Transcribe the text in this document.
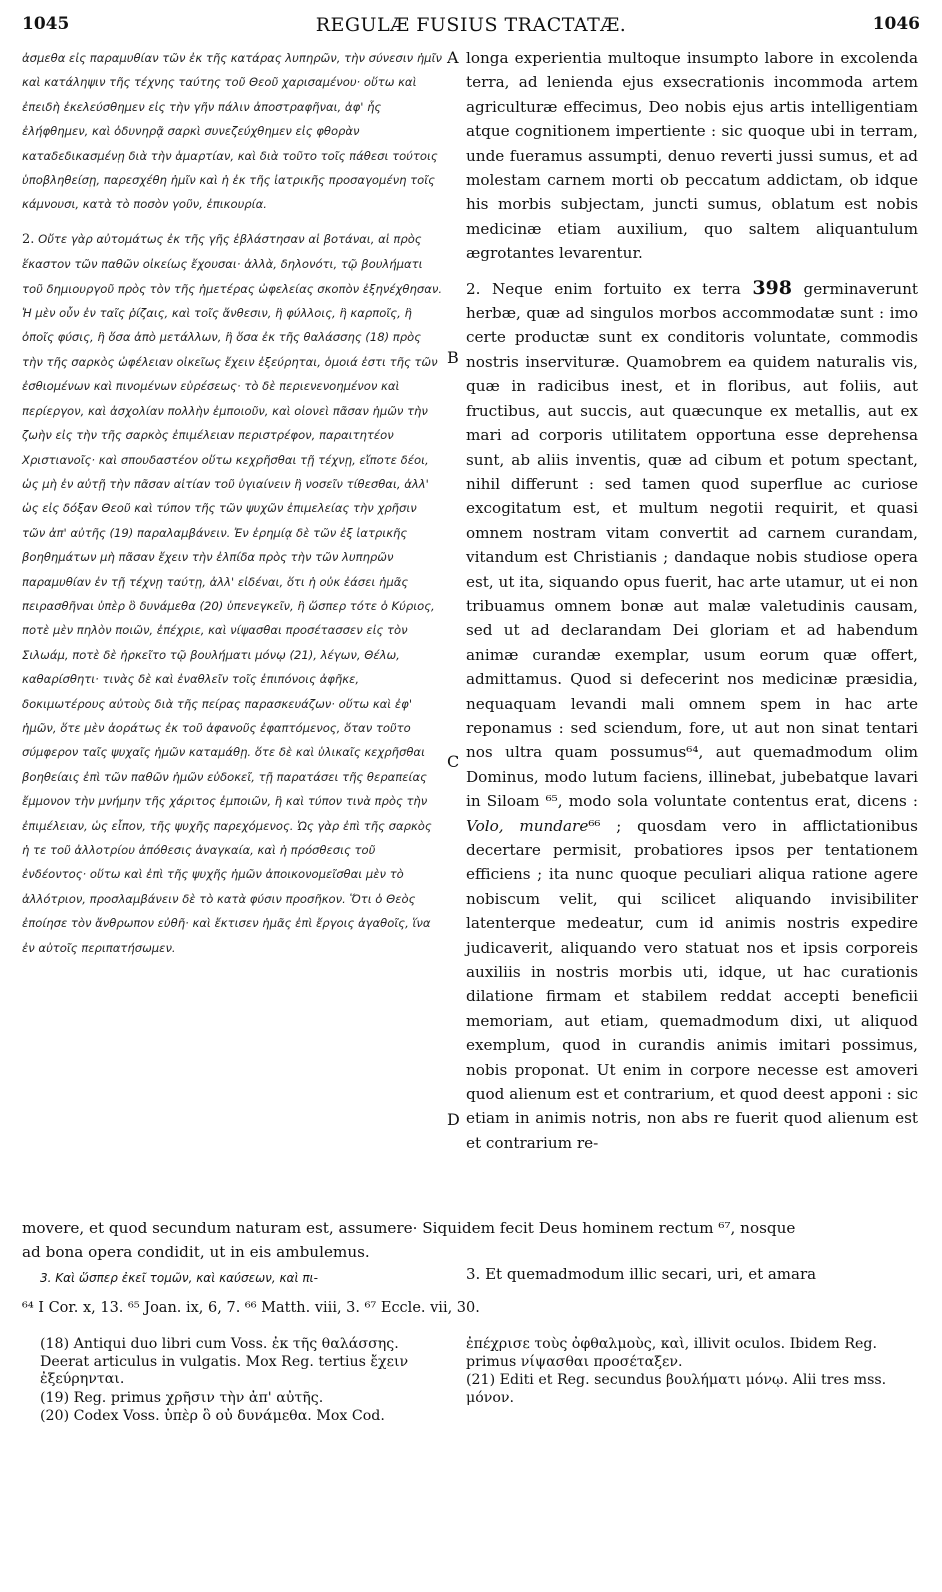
1045	REGULÆ FUSIUS TRACTATÆ.	1046

ἀσμεθα εἰς παραμυθίαν τῶν ἐκ τῆς κατάρας λυπηρῶν, τὴν σύνεσιν ἡμῖν καὶ κατάληψιν τῆς τέχνης ταύτης τοῦ Θεοῦ χαρισαμένου· οὕτω καὶ ἐπειδὴ ἐκελεύσθημεν εἰς τὴν γῆν πάλιν ἀποστραφῆναι, ἀφ' ἧς ἐλήφθημεν, καὶ ὀδυνηρᾷ σαρκὶ συνεζεύχθημεν εἰς φθορὰν καταδεδικασμένῃ διὰ τὴν ἁμαρτίαν, καὶ διὰ τοῦτο τοῖς πάθεσι τούτοις ὑποβληθείσῃ, παρεσχέθη ἡμῖν καὶ ἡ ἐκ τῆς ἰατρικῆς προσαγομένη τοῖς κάμνουσι, κατὰ τὸ ποσὸν γοῦν, ἐπικουρία.

2. Οὔτε γὰρ αὐτομάτως ἐκ τῆς γῆς ἐβλάστησαν αἱ βοτάναι, αἱ πρὸς ἕκαστον τῶν παθῶν οἰκείως ἔχουσαι· ἀλλὰ, δηλονότι, τῷ βουλήματι τοῦ δημιουργοῦ πρὸς τὸν τῆς ἡμετέρας ὠφελείας σκοπὸν ἐξηνέχθησαν. Ἡ μὲν οὖν ἐν ταῖς ῥίζαις, καὶ τοῖς ἄνθεσιν, ἢ φύλλοις, ἢ καρποῖς, ἢ ὀποῖς φύσις, ἢ ὅσα ἀπὸ μετάλλων, ἢ ὅσα ἐκ τῆς θαλάσσης (18) πρὸς τὴν τῆς σαρκὸς ὠφέλειαν οἰκεῖως ἔχειν ἐξεύρηται, ὁμοιά ἐστι τῆς τῶν ἐσθιομένων καὶ πινομένων εὑρέσεως· τὸ δὲ περιενενοημένον καὶ περίεργον, καὶ ἀσχολίαν πολλὴν ἐμποιοῦν, καὶ οἱονεὶ πᾶσαν ἡμῶν τὴν ζωὴν εἰς τὴν τῆς σαρκὸς ἐπιμέλειαν περιστρέφον, παραιτητέον Χριστιανοῖς· καὶ σπουδαστέον οὕτω κεχρῆσθαι τῇ τέχνῃ, εἴποτε δέοι, ὡς μὴ ἐν αὐτῇ τὴν πᾶσαν αἰτίαν τοῦ ὑγιαίνειν ἢ νοσεῖν τίθεσθαι, ἀλλ' ὡς εἰς δόξαν Θεοῦ καὶ τύπον τῆς τῶν ψυχῶν ἐπιμελείας τὴν χρῆσιν τῶν ἀπ' αὐτῆς (19) παραλαμβάνειν. Ἐν ἐρημίᾳ δὲ τῶν ἐξ ἰατρικῆς βοηθημάτων μὴ πᾶσαν ἔχειν τὴν ἐλπίδα πρὸς τὴν τῶν λυπηρῶν παραμυθίαν ἐν τῇ τέχνῃ ταύτῃ, ἀλλ' εἰδέναι, ὅτι ἡ οὐκ ἐάσει ἡμᾶς πειρασθῆναι ὑπὲρ ὃ δυνάμεθα (20) ὑπενεγκεῖν, ἢ ὥσπερ τότε ὁ Κύριος, ποτὲ μὲν πηλὸν ποιῶν, ἐπέχριε, καὶ νίψασθαι προσέτασσεν εἰς τὸν Σιλωάμ, ποτὲ δὲ ἠρκεῖτο τῷ βουλήματι μόνῳ (21), λέγων, Θέλω, καθαρίσθητι· τινὰς δὲ καὶ ἐναθλεῖν τοῖς ἐπιπόνοις ἀφῆκε, δοκιμωτέρους αὐτοὺς διὰ τῆς πείρας παρασκευάζων· οὕτω καὶ ἐφ' ἡμῶν, ὅτε μὲν ἀοράτως ἐκ τοῦ ἀφανοῦς ἐφαπτόμενος, ὅταν τοῦτο σύμφερον ταῖς ψυχαῖς ἡμῶν καταμάθῃ. ὅτε δὲ καὶ ὑλικαῖς κεχρῆσθαι βοηθείαις ἐπὶ τῶν παθῶν ἡμῶν εὐδοκεῖ, τῇ παρατάσει τῆς θεραπείας ἔμμονον τὴν μνήμην τῆς χάριτος ἐμποιῶν, ἢ καὶ τύπον τινὰ πρὸς τὴν ἐπιμέλειαν, ὡς εἶπον, τῆς ψυχῆς παρεχόμενος. Ὡς γὰρ ἐπὶ τῆς σαρκὸς ἡ τε τοῦ ἀλλοτρίου ἀπόθεσις ἀναγκαία, καὶ ἡ πρόσθεσις τοῦ ἐνδέοντος· οὕτω καὶ ἐπὶ τῆς ψυχῆς ἡμῶν ἀποικονομεῖσθαι μὲν τὸ ἀλλότριον, προσλαμβάνειν δὲ τὸ κατὰ φύσιν προσῆκον. Ὅτι ὁ Θεὸς ἐποίησε τὸν ἄνθρωπον εὐθῆ· καὶ ἔκτισεν ἡμᾶς ἐπὶ ἔργοις ἀγαθοῖς, ἵνα ἐν αὐτοῖς περιπατήσωμεν.

longa experientia multoque insumpto labore in excolenda terra, ad lenienda ejus exsecrationis incommoda artem agriculturæ effecimus, Deo nobis ejus artis intelligentiam atque cognitionem impertiente : sic quoque ubi in terram, unde fueramus assumpti, denuo reverti jussi sumus, et ad molestam carnem morti ob peccatum addictam, ob idque his morbis subjectam, juncti sumus, oblatum est nobis medicinæ etiam auxilium, quo saltem aliquantulum ægrotantes levarentur.

2. Neque enim fortuito ex terra 398 germinaverunt herbæ, quæ ad singulos morbos accommodatæ sunt : imo certe productæ sunt ex conditoris voluntate, commodis nostris inservituræ. Quamobrem ea quidem naturalis vis, quæ in radicibus inest, et in floribus, aut foliis, aut fructibus, aut succis, aut quæcunque ex metallis, aut ex mari ad corporis utilitatem opportuna esse deprehensa sunt, ab aliis inventis, quæ ad cibum et potum spectant, nihil differunt : sed tamen quod superflue ac curiose excogitatum est, et multum negotii requirit, et quasi omnem nostram vitam convertit ad carnem curandam, vitandum est Christianis ; dandaque nobis studiose opera est, ut ita, siquando opus fuerit, hac arte utamur, ut ei non tribuamus omnem bonæ aut malæ valetudinis causam, sed ut ad declarandam Dei gloriam et ad habendum animæ curandæ exemplar, usum eorum quæ offert, admittamus. Quod si defecerint nos medicinæ præsidia, nequaquam levandi mali omnem spem in hac arte reponamus : sed sciendum, fore, ut aut non sinat tentari nos ultra quam possumus⁶⁴, aut quemadmodum olim Dominus, modo lutum faciens, illinebat, jubebatque lavari in Siloam ⁶⁵, modo sola voluntate contentus erat, dicens : Volo, mundare⁶⁶ ; quosdam vero in afflictationibus decertare permisit, probatiores ipsos per tentationem efficiens ; ita nunc quoque peculiari aliqua ratione agere nobiscum velit, qui scilicet aliquando invisibiliter latenterque medeatur, cum id animis nostris expedire judicaverit, aliquando vero statuat nos et ipsis corporeis auxiliis in nostris morbis uti, idque, ut hac curationis dilatione firmam et stabilem reddat accepti beneficii memoriam, aut etiam, quemadmodum dixi, ut aliquod exemplum, quod in curandis animis imitari possimus, nobis proponat. Ut enim in corpore necesse est amoveri quod alienum est et contrarium, et quod deest apponi : sic etiam in animis notris, non abs re fuerit quod alienum est et contrarium re-

A
B
C
D
movere, et quod secundum naturam est, assumere· Siquidem fecit Deus hominem rectum ⁶⁷, nosque
ad bona opera condidit, ut in eis ambulemus.
3. Καὶ ὥσπερ ἐκεῖ τομῶν, καὶ καύσεων, καὶ πι-	3. Et quemadmodum illic secari, uri, et amara
⁶⁴ I Cor. x, 13. ⁶⁵ Joan. ix, 6, 7. ⁶⁶ Matth. viii, 3. ⁶⁷ Eccle. vii, 30.

(18) Antiqui duo libri cum Voss. ἐκ τῆς θαλάσσης. Deerat articulus in vulgatis. Mox Reg. tertius ἔχειν ἐξεύρηνται.

(19) Reg. primus χρῆσιν τὴν ἀπ' αὐτῆς.

(20) Codex Voss. ὑπὲρ ὃ οὐ δυνάμεθα. Mox Cod.

ἐπέχρισε τοὺς ὀφθαλμοὺς, καὶ, illivit oculos. Ibidem Reg. primus νίψασθαι προσέταξεν.

(21) Editi et Reg. secundus βουλήματι μόνῳ. Alii tres mss. μόνον.
